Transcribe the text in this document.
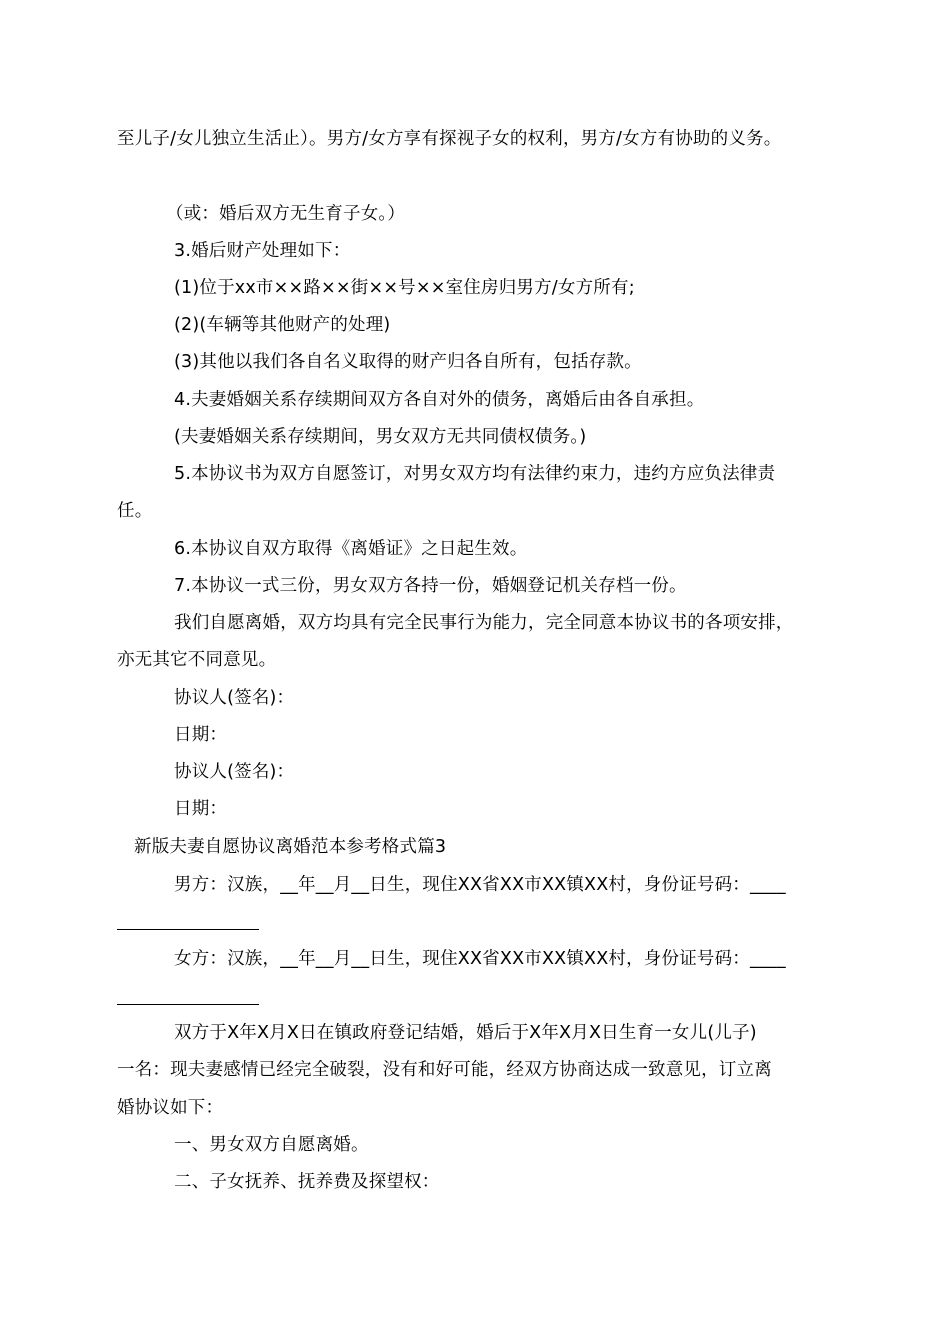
至儿子/女儿独立生活止）。男方/女方享有探视子女的权利，男方/女方有协助的义务。
（或：婚后双方无生育子女。）
3.婚后财产处理如下：
(1)位于xx市××路××街××号××室住房归男方/女方所有;
(2)(车辆等其他财产的处理)
(3)其他以我们各自名义取得的财产归各自所有，包括存款。
4.夫妻婚姻关系存续期间双方各自对外的债务，离婚后由各自承担。
(夫妻婚姻关系存续期间，男女双方无共同债权债务。)
5.本协议书为双方自愿签订，对男女双方均有法律约束力，违约方应负法律责
任。
6.本协议自双方取得《离婚证》之日起生效。
7.本协议一式三份，男女双方各持一份，婚姻登记机关存档一份。
我们自愿离婚，双方均具有完全民事行为能力，完全同意本协议书的各项安排，
亦无其它不同意见。
协议人(签名)：
日期：
协议人(签名)：
日期：
新版夫妻自愿协议离婚范本参考格式篇3
男方：汉族，__年__月__日生，现住XX省XX市XX镇XX村，身份证号码：____
女方：汉族，__年__月__日生，现住XX省XX市XX镇XX村，身份证号码：____
双方于X年X月X日在镇政府登记结婚，婚后于X年X月X日生育一女儿(儿子)
一名：现夫妻感情已经完全破裂，没有和好可能，经双方协商达成一致意见，订立离
婚协议如下：
一、男女双方自愿离婚。
二、子女抚养、抚养费及探望权：
